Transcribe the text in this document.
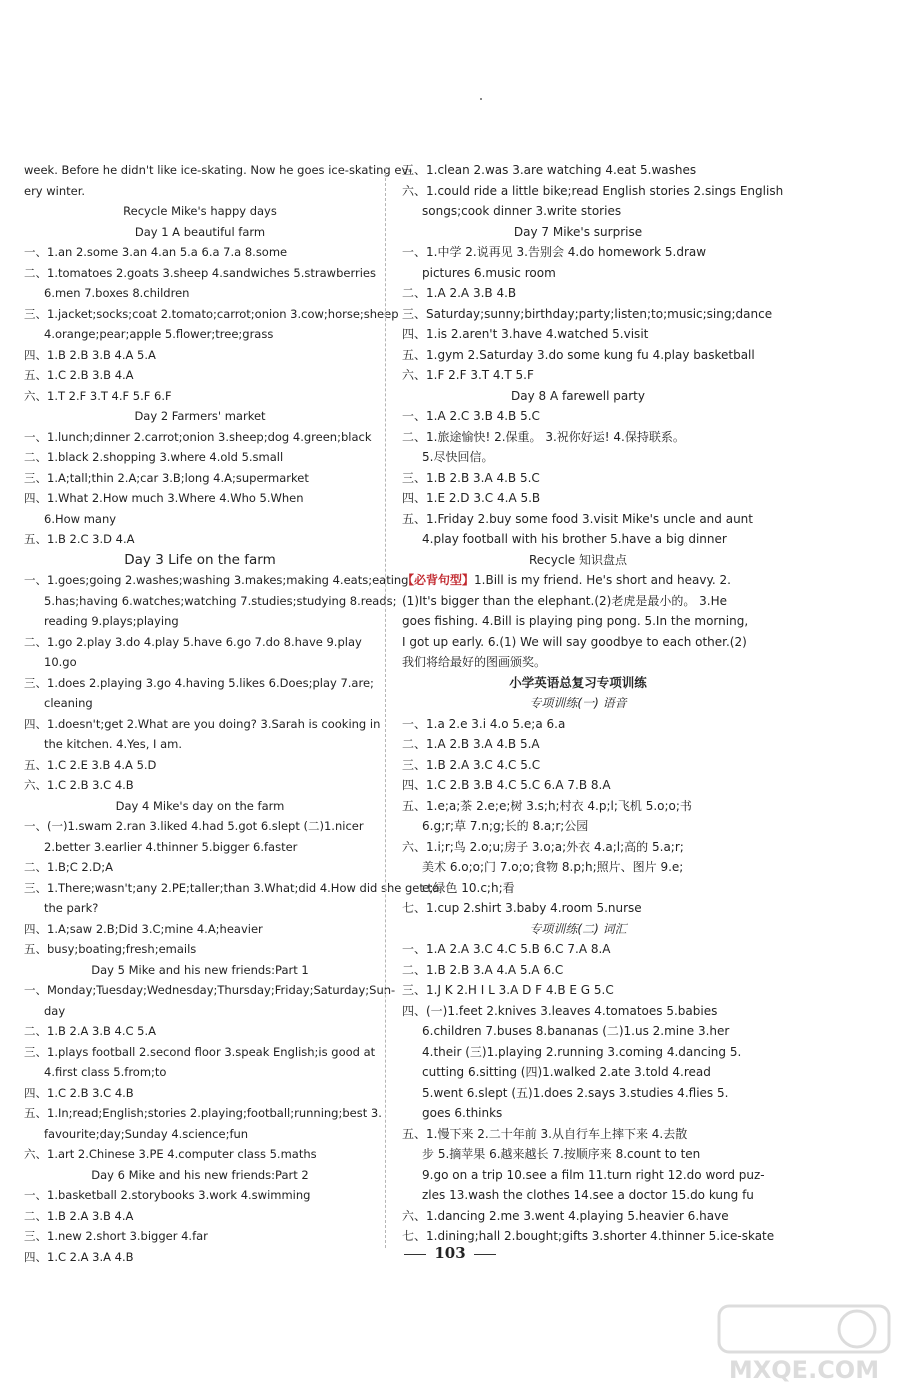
week. Before he didn't like ice-skating. Now he goes ice-skating ev-
ery winter.
Recycle Mike's happy days
Day 1 A beautiful farm
一、1.an 2.some 3.an 4.an 5.a 6.a 7.a 8.some
二、1.tomatoes 2.goats 3.sheep 4.sandwiches 5.strawberries
6.men 7.boxes 8.children
三、1.jacket;socks;coat 2.tomato;carrot;onion 3.cow;horse;sheep
4.orange;pear;apple 5.flower;tree;grass
四、1.B 2.B 3.B 4.A 5.A
五、1.C 2.B 3.B 4.A
六、1.T 2.F 3.T 4.F 5.F 6.F
Day 2 Farmers' market
一、1.lunch;dinner 2.carrot;onion 3.sheep;dog 4.green;black
二、1.black 2.shopping 3.where 4.old 5.small
三、1.A;tall;thin 2.A;car 3.B;long 4.A;supermarket
四、1.What 2.How much 3.Where 4.Who 5.When
6.How many
五、1.B 2.C 3.D 4.A
Day 3 Life on the farm
一、1.goes;going 2.washes;washing 3.makes;making 4.eats;eating
5.has;having 6.watches;watching 7.studies;studying 8.reads;
reading 9.plays;playing
二、1.go 2.play 3.do 4.play 5.have 6.go 7.do 8.have 9.play
10.go
三、1.does 2.playing 3.go 4.having 5.likes 6.Does;play 7.are;
cleaning
四、1.doesn't;get 2.What are you doing? 3.Sarah is cooking in
the kitchen. 4.Yes, I am.
五、1.C 2.E 3.B 4.A 5.D
六、1.C 2.B 3.C 4.B
Day 4 Mike's day on the farm
一、(一)1.swam 2.ran 3.liked 4.had 5.got 6.slept (二)1.nicer
2.better 3.earlier 4.thinner 5.bigger 6.faster
二、1.B;C 2.D;A
三、1.There;wasn't;any 2.PE;taller;than 3.What;did 4.How did she get to
the park?
四、1.A;saw 2.B;Did 3.C;mine 4.A;heavier
五、busy;boating;fresh;emails
Day 5 Mike and his new friends:Part 1
一、Monday;Tuesday;Wednesday;Thursday;Friday;Saturday;Sun-
day
二、1.B 2.A 3.B 4.C 5.A
三、1.plays football 2.second floor 3.speak English;is good at
4.first class 5.from;to
四、1.C 2.B 3.C 4.B
五、1.In;read;English;stories 2.playing;football;running;best 3.
favourite;day;Sunday 4.science;fun
六、1.art 2.Chinese 3.PE 4.computer class 5.maths
Day 6 Mike and his new friends:Part 2
一、1.basketball 2.storybooks 3.work 4.swimming
二、1.B 2.A 3.B 4.A
三、1.new 2.short 3.bigger 4.far
四、1.C 2.A 3.A 4.B
五、1.clean 2.was 3.are watching 4.eat 5.washes
六、1.could ride a little bike;read English stories 2.sings English
songs;cook dinner 3.write stories
Day 7 Mike's surprise
一、1.中学 2.说再见 3.告别会 4.do homework 5.draw
pictures 6.music room
二、1.A 2.A 3.B 4.B
三、Saturday;sunny;birthday;party;listen;to;music;sing;dance
四、1.is 2.aren't 3.have 4.watched 5.visit
五、1.gym 2.Saturday 3.do some kung fu 4.play basketball
六、1.F 2.F 3.T 4.T 5.F
Day 8 A farewell party
一、1.A 2.C 3.B 4.B 5.C
二、1.旅途愉快! 2.保重。 3.祝你好运! 4.保持联系。
5.尽快回信。
三、1.B 2.B 3.A 4.B 5.C
四、1.E 2.D 3.C 4.A 5.B
五、1.Friday 2.buy some food 3.visit Mike's uncle and aunt
4.play football with his brother 5.have a big dinner
Recycle 知识盘点
【必背句型】1.Bill is my friend. He's short and heavy. 2.(1)It's bigger than the elephant.(2)老虎是最小的。 3.He goes fishing. 4.Bill is playing ping pong. 5.In the morning, I got up early. 6.(1) We will say goodbye to each other.(2)我们将给最好的图画颁奖。
小学英语总复习专项训练
专项训练(一) 语音
一、1.a 2.e 3.i 4.o 5.e;a 6.a
二、1.A 2.B 3.A 4.B 5.A
三、1.B 2.A 3.C 4.C 5.C
四、1.C 2.B 3.B 4.C 5.C 6.A 7.B 8.A
五、1.e;a;茶 2.e;e;树 3.s;h;村衣 4.p;l;飞机 5.o;o;书
6.g;r;草 7.n;g;长的 8.a;r;公园
六、1.i;r;鸟 2.o;u;房子 3.o;a;外衣 4.a;l;高的 5.a;r;
美术 6.o;o;门 7.o;o;食物 8.p;h;照片、图片 9.e;
e;绿色 10.c;h;看
七、1.cup 2.shirt 3.baby 4.room 5.nurse
专项训练(二) 词汇
一、1.A 2.A 3.C 4.C 5.B 6.C 7.A 8.A
二、1.B 2.B 3.A 4.A 5.A 6.C
三、1.J K 2.H I L 3.A D F 4.B E G 5.C
四、(一)1.feet 2.knives 3.leaves 4.tomatoes 5.babies
6.children 7.buses 8.bananas (二)1.us 2.mine 3.her
4.their (三)1.playing 2.running 3.coming 4.dancing 5.
cutting 6.sitting (四)1.walked 2.ate 3.told 4.read
5.went 6.slept (五)1.does 2.says 3.studies 4.flies 5.
goes 6.thinks
五、1.慢下来 2.二十年前 3.从自行车上摔下来 4.去散
步 5.摘苹果 6.越来越长 7.按顺序来 8.count to ten
9.go on a trip 10.see a film 11.turn right 12.do word puz-
zles 13.wash the clothes 14.see a doctor 15.do kung fu
六、1.dancing 2.me 3.went 4.playing 5.heavier 6.have
七、1.dining;hall 2.bought;gifts 3.shorter 4.thinner 5.ice-skate
103
MXQE.COM
